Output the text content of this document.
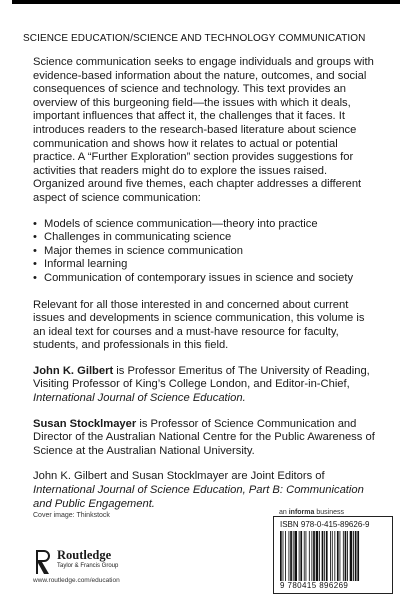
SCIENCE EDUCATION/SCIENCE AND TECHNOLOGY COMMUNICATION

Science communication seeks to engage individuals and groups with evidence-based information about the nature, outcomes, and social consequences of science and technology. This text provides an overview of this burgeoning field—the issues with which it deals, important influences that affect it, the challenges that it faces. It introduces readers to the research-based literature about science communication and shows how it relates to actual or potential practice. A “Further Exploration” section provides suggestions for activities that readers might do to explore the issues raised. Organized around five themes, each chapter addresses a different aspect of science communication:

• Models of science communication—theory into practice
• Challenges in communicating science
• Major themes in science communication
• Informal learning
• Communication of contemporary issues in science and society

Relevant for all those interested in and concerned about current issues and developments in science communication, this volume is an ideal text for courses and a must-have resource for faculty, students, and professionals in this field.

John K. Gilbert is Professor Emeritus of The University of Reading, Visiting Professor of King’s College London, and Editor-in-Chief, International Journal of Science Education.

Susan Stocklmayer is Professor of Science Communication and Director of the Australian National Centre for the Public Awareness of Science at the Australian National University.

John K. Gilbert and Susan Stocklmayer are Joint Editors of International Journal of Science Education, Part B: Communication and Public Engagement.

Cover image: Thinkstock
Routledge
Taylor & Francis Group
www.routledge.com/education
an informa business
ISBN 978-0-415-89626-9
9 780415 896269
